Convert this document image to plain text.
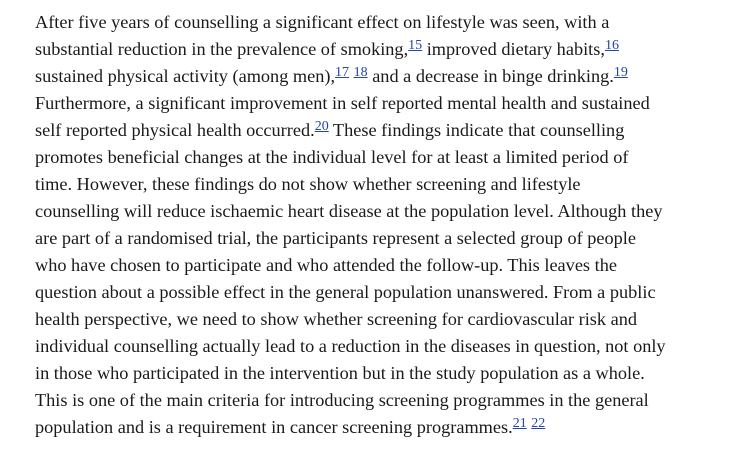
After five years of counselling a significant effect on lifestyle was seen, with a
substantial reduction in the prevalence of smoking,$^{15}$ improved dietary habits,$^{16}$
sustained physical activity (among men),$^{17}$ $^{18}$ and a decrease in binge drinking.$^{19}$
Furthermore, a significant improvement in self reported mental health and sustained
self reported physical health occurred.$^{20}$ These findings indicate that counselling
promotes beneficial changes at the individual level for at least a limited period of
time. However, these findings do not show whether screening and lifestyle
counselling will reduce ischaemic heart disease at the population level. Although they
are part of a randomised trial, the participants represent a selected group of people
who have chosen to participate and who attended the follow-up. This leaves the
question about a possible effect in the general population unanswered. From a public
health perspective, we need to show whether screening for cardiovascular risk and
individual counselling actually lead to a reduction in the diseases in question, not only
in those who participated in the intervention but in the study population as a whole.
This is one of the main criteria for introducing screening programmes in the general
population and is a requirement in cancer screening programmes.$^{21}$ $^{22}$
